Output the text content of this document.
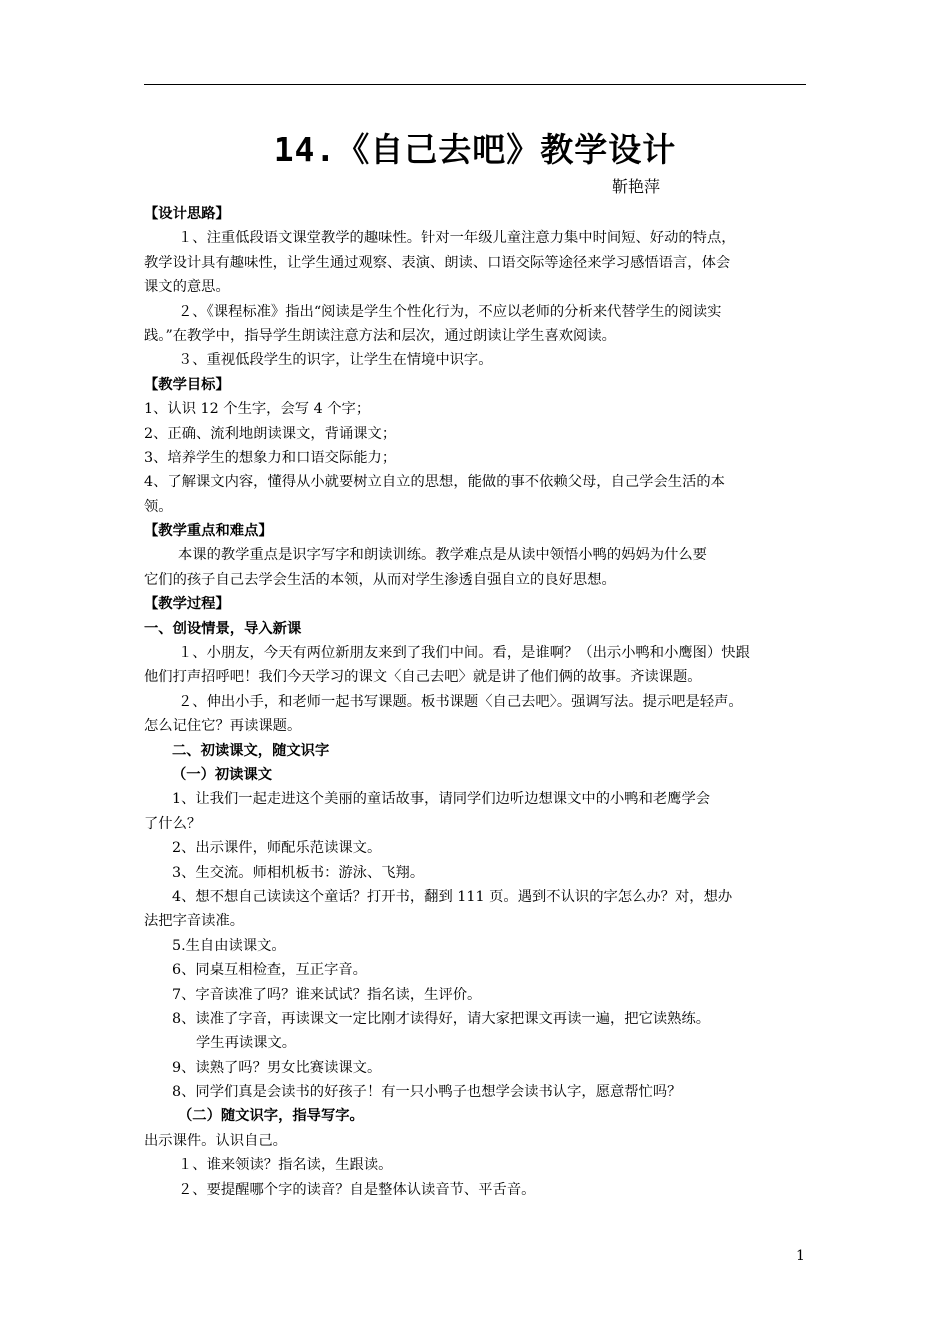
14.《自己去吧》教学设计
靳艳萍
【设计思路】
１、注重低段语文课堂教学的趣味性。针对一年级儿童注意力集中时间短、好动的特点，
教学设计具有趣味性，让学生通过观察、表演、朗读、口语交际等途径来学习感悟语言，体会
课文的意思。
２、《课程标准》指出“阅读是学生个性化行为，不应以老师的分析来代替学生的阅读实
践。”在教学中，指导学生朗读注意方法和层次，通过朗读让学生喜欢阅读。
３、重视低段学生的识字，让学生在情境中识字。
【教学目标】
1、认识 12 个生字，会写 4 个字；
2、正确、流利地朗读课文，背诵课文；
3、培养学生的想象力和口语交际能力；
4、了解课文内容，懂得从小就要树立自立的思想，能做的事不依赖父母，自己学会生活的本
领。
【教学重点和难点】
本课的教学重点是识字写字和朗读训练。教学难点是从读中领悟小鸭的妈妈为什么要
它们的孩子自己去学会生活的本领，从而对学生渗透自强自立的良好思想。
【教学过程】
一、创设情景，导入新课
１、小朋友，今天有两位新朋友来到了我们中间。看，是谁啊？（出示小鸭和小鹰图）快跟
他们打声招呼吧！我们今天学习的课文〈自己去吧〉就是讲了他们俩的故事。齐读课题。
２、伸出小手，和老师一起书写课题。板书课题〈自己去吧〉。强调写法。提示吧是轻声。
怎么记住它？再读课题。
二、初读课文，随文识字
（一）初读课文
1、让我们一起走进这个美丽的童话故事，请同学们边听边想课文中的小鸭和老鹰学会
了什么？
2、出示课件，师配乐范读课文。
3、生交流。师相机板书：游泳、飞翔。
4、想不想自己读读这个童话？打开书，翻到 111 页。遇到不认识的字怎么办？对，想办
法把字音读准。
5.生自由读课文。
6、同桌互相检查，互正字音。
7、字音读准了吗？谁来试试？指名读，生评价。
8、读准了字音，再读课文一定比刚才读得好，请大家把课文再读一遍，把它读熟练。
学生再读课文。
9、读熟了吗？男女比赛读课文。
8、同学们真是会读书的好孩子！有一只小鸭子也想学会读书认字，愿意帮忙吗？
（二）随文识字，指导写字。
出示课件。认识自己。
１、谁来领读？指名读，生跟读。
２、要提醒哪个字的读音？自是整体认读音节、平舌音。
1
